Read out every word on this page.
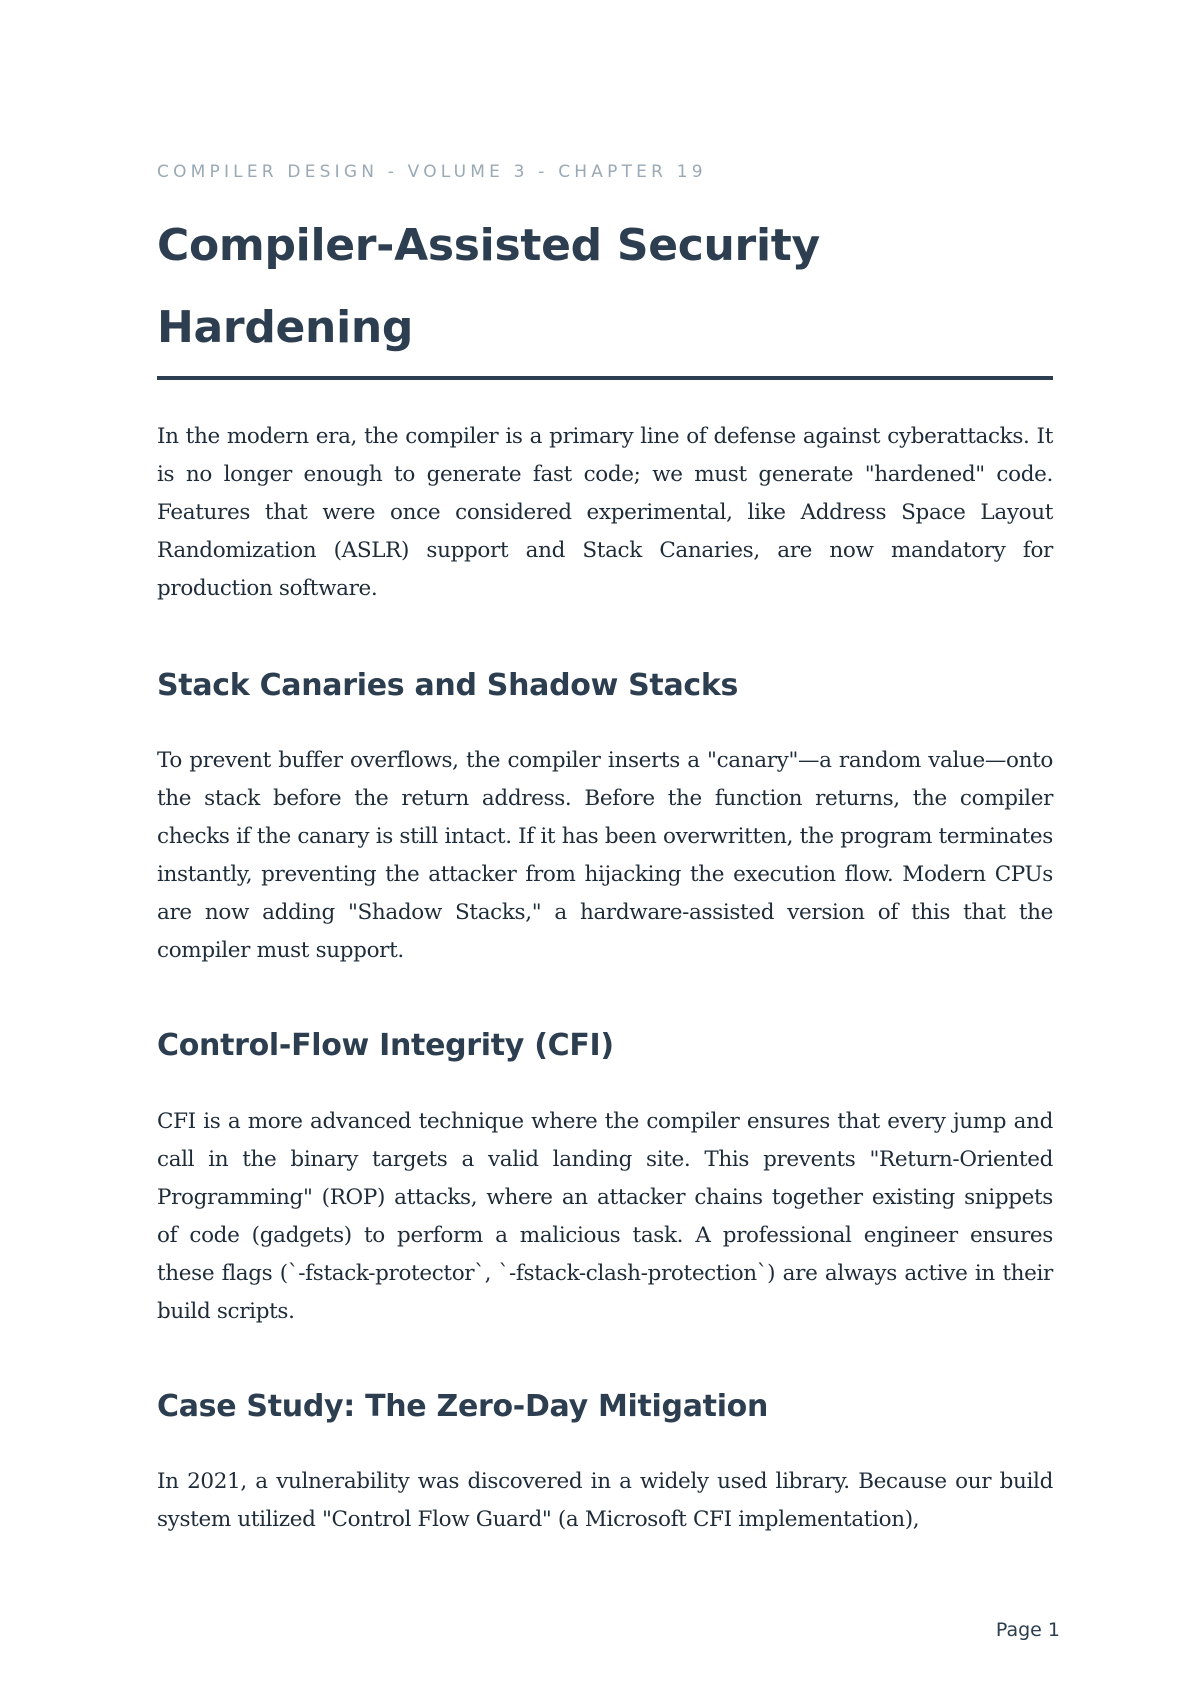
COMPILER DESIGN - VOLUME 3 - CHAPTER 19
Compiler-Assisted Security Hardening

In the modern era, the compiler is a primary line of defense against cyberattacks. It is no longer enough to generate fast code; we must generate "hardened" code. Features that were once considered experimental, like Address Space Layout Randomization (ASLR) support and Stack Canaries, are now mandatory for production software.

Stack Canaries and Shadow Stacks

To prevent buffer overflows, the compiler inserts a "canary"—a random value—onto the stack before the return address. Before the function returns, the compiler checks if the canary is still intact. If it has been overwritten, the program terminates instantly, preventing the attacker from hijacking the execution flow. Modern CPUs are now adding "Shadow Stacks," a hardware-assisted version of this that the compiler must support.

Control-Flow Integrity (CFI)

CFI is a more advanced technique where the compiler ensures that every jump and call in the binary targets a valid landing site. This prevents "Return-Oriented Programming" (ROP) attacks, where an attacker chains together existing snippets of code (gadgets) to perform a malicious task. A professional engineer ensures these flags (`-fstack-protector`, `-fstack-clash-protection`) are always active in their build scripts.

Case Study: The Zero-Day Mitigation

In 2021, a vulnerability was discovered in a widely used library. Because our build system utilized "Control Flow Guard" (a Microsoft CFI implementation),

Page 1
